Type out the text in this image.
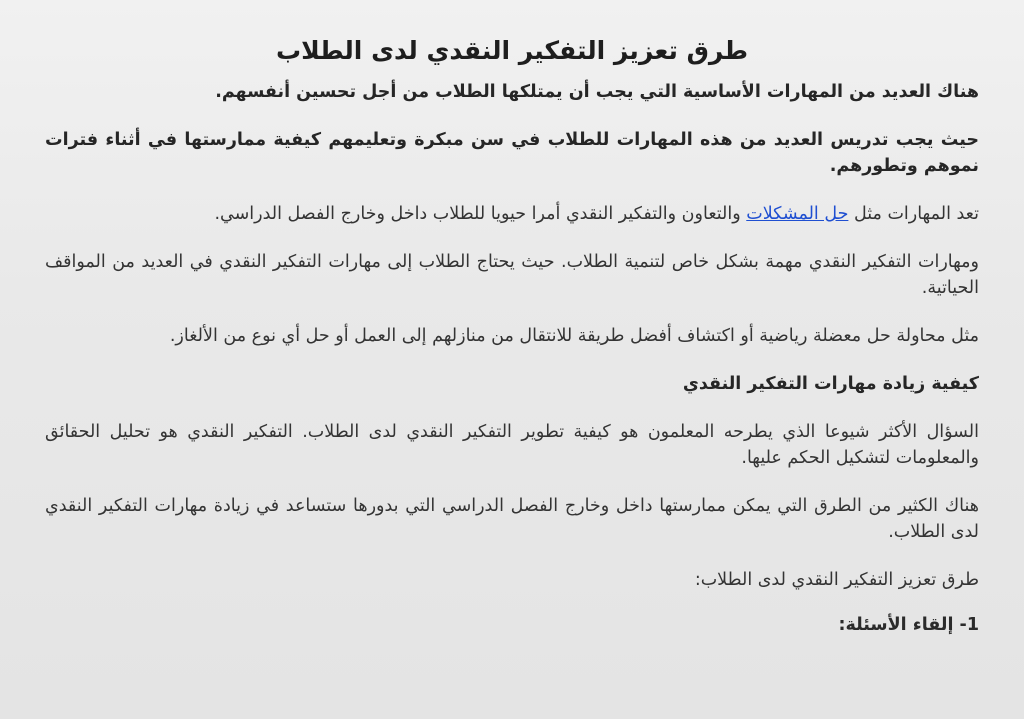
طرق تعزيز التفكير النقدي لدى الطلاب

هناك العديد من المهارات الأساسية التي يجب أن يمتلكها الطلاب من أجل تحسين أنفسهم.

حيث يجب تدريس العديد من هذه المهارات للطلاب في سن مبكرة وتعليمهم كيفية ممارستها في أثناء فترات نموهم وتطورهم.

تعد المهارات مثل حل المشكلات والتعاون والتفكير النقدي أمرا حيويا للطلاب داخل وخارج الفصل الدراسي.

ومهارات التفكير النقدي مهمة بشكل خاص لتنمية الطلاب. حيث يحتاج الطلاب إلى مهارات التفكير النقدي في العديد من المواقف الحياتية.

مثل محاولة حل معضلة رياضية أو اكتشاف أفضل طريقة للانتقال من منازلهم إلى العمل أو حل أي نوع من الألغاز.

كيفية زيادة مهارات التفكير النقدي

السؤال الأكثر شيوعا الذي يطرحه المعلمون هو كيفية تطوير التفكير النقدي لدى الطلاب. التفكير النقدي هو تحليل الحقائق والمعلومات لتشكيل الحكم عليها.

هناك الكثير من الطرق التي يمكن ممارستها داخل وخارج الفصل الدراسي التي بدورها ستساعد في زيادة مهارات التفكير النقدي لدى الطلاب.

طرق تعزيز التفكير النقدي لدى الطلاب:

1- إلقاء الأسئلة:
